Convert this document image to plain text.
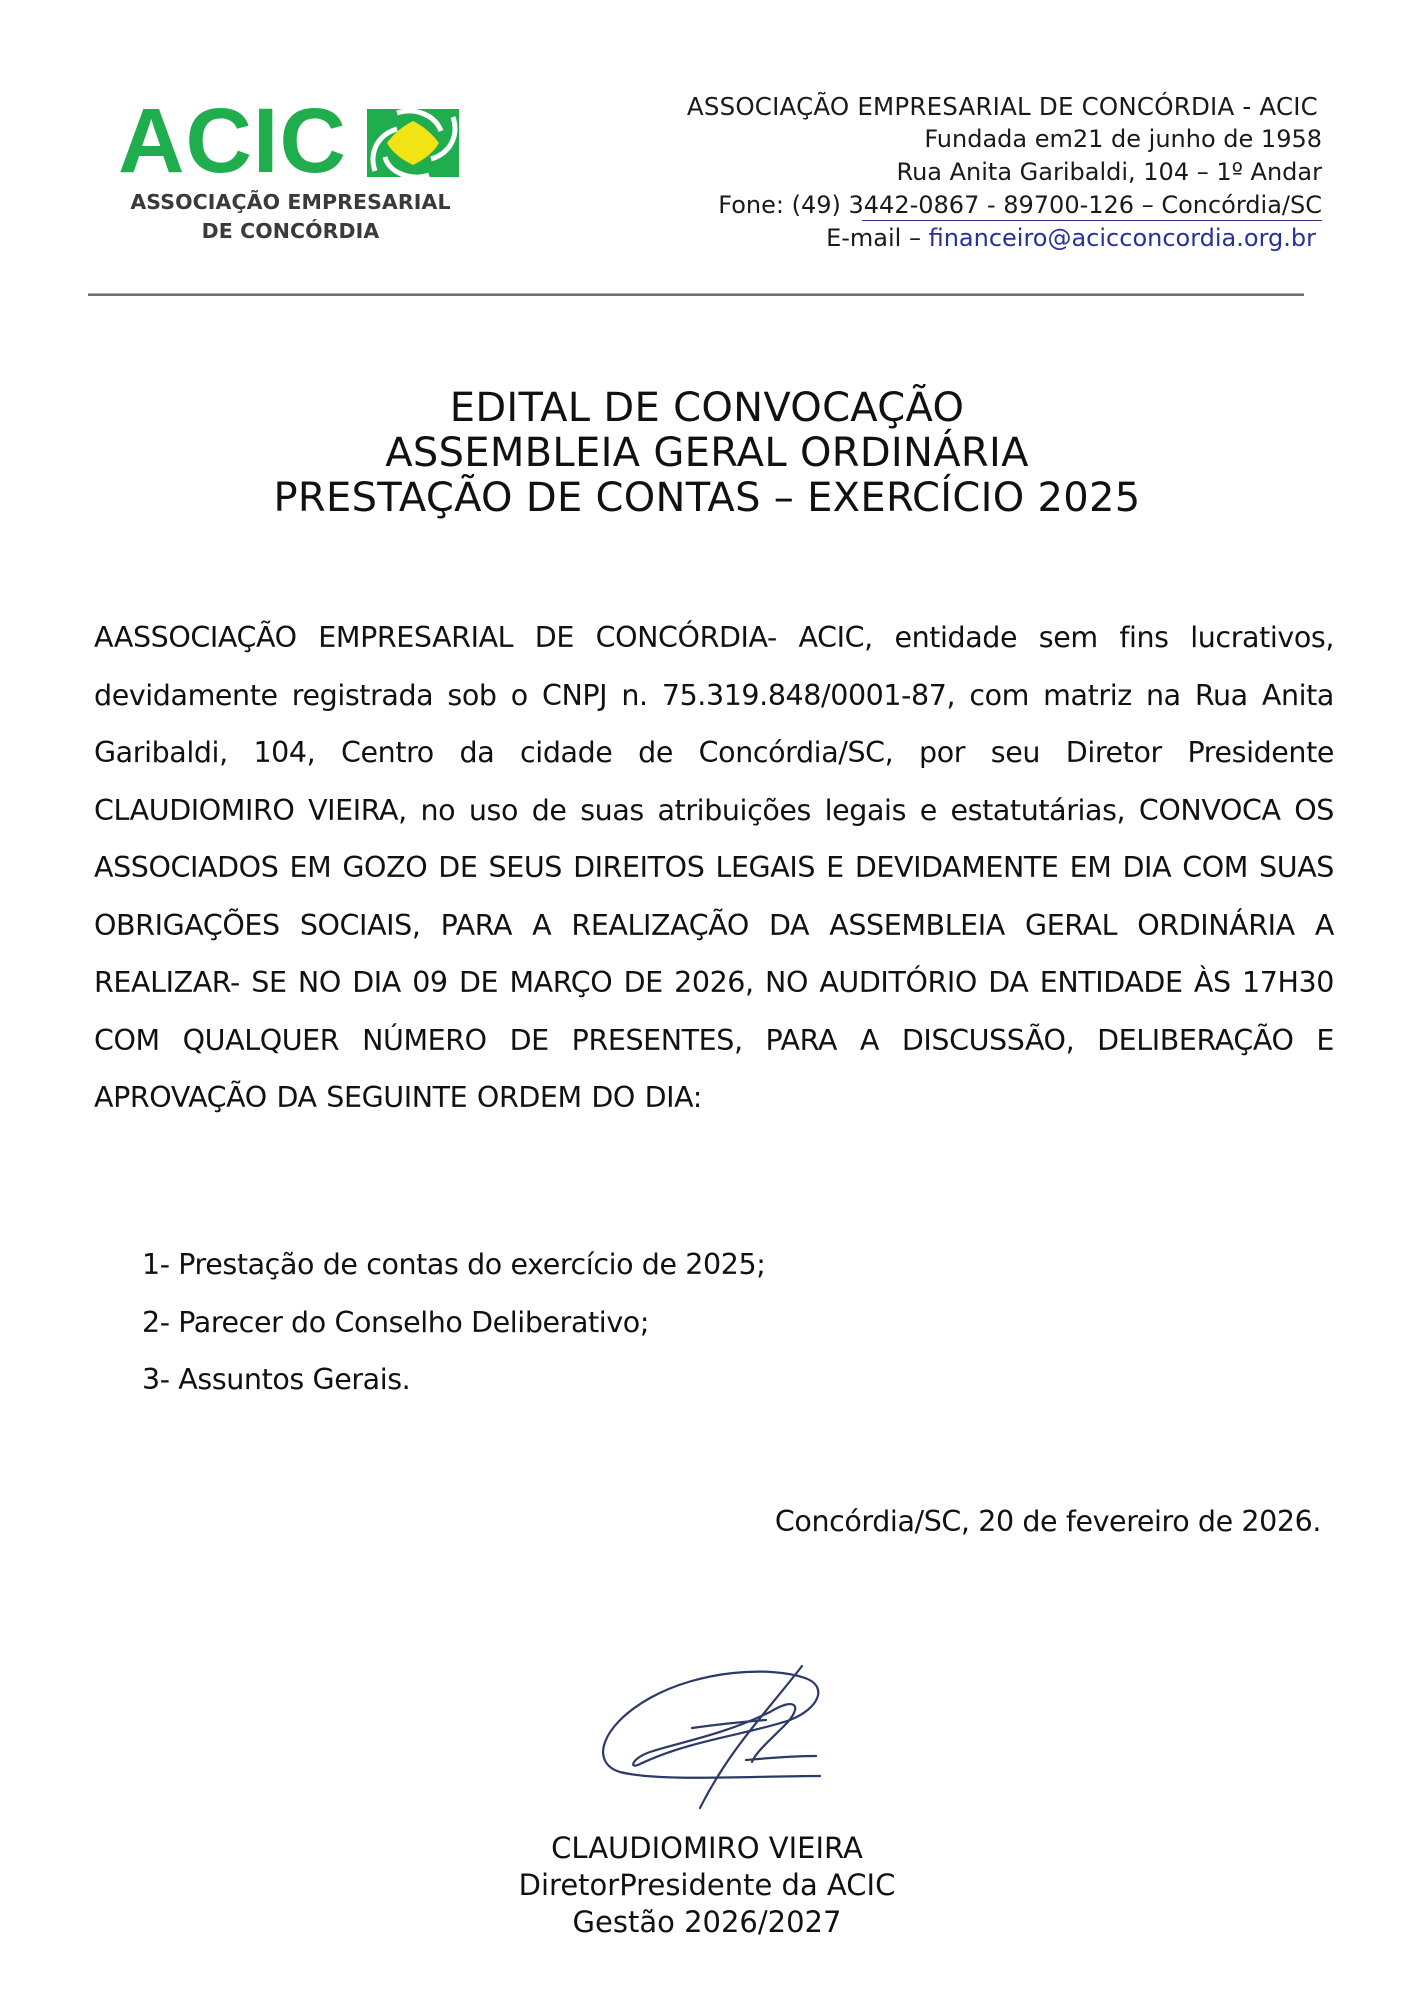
ACIC
ASSOCIAÇÃO EMPRESARIAL
DE CONCÓRDIA
ASSOCIAÇÃO EMPRESARIAL DE CONCÓRDIA - ACIC
Fundada em21 de junho de 1958
Rua Anita Garibaldi, 104 – 1º Andar
Fone: (49) 3442-0867 - 89700-126 – Concórdia/SC
E-mail – financeiro@acicconcordia.org.br
EDITAL DE CONVOCAÇÃO
ASSEMBLEIA GERAL ORDINÁRIA
PRESTAÇÃO DE CONTAS – EXERCÍCIO 2025

AASSOCIAÇÃO EMPRESARIAL DE CONCÓRDIA- ACIC, entidade sem fins lucrativos, devidamente registrada sob o CNPJ n. 75.319.848/0001-87, com matriz na Rua Anita Garibaldi, 104, Centro da cidade de Concórdia/SC, por seu Diretor Presidente CLAUDIOMIRO VIEIRA, no uso de suas atribuições legais e estatutárias, CONVOCA OS ASSOCIADOS EM GOZO DE SEUS DIREITOS LEGAIS E DEVIDAMENTE EM DIA COM SUAS OBRIGAÇÕES SOCIAIS, PARA A REALIZAÇÃO DA ASSEMBLEIA GERAL ORDINÁRIA A REALIZAR- SE NO DIA 09 DE MARÇO DE 2026, NO AUDITÓRIO DA ENTIDADE ÀS 17H30 COM QUALQUER NÚMERO DE PRESENTES, PARA A DISCUSSÃO, DELIBERAÇÃO E APROVAÇÃO DA SEGUINTE ORDEM DO DIA:

1- Prestação de contas do exercício de 2025;
2- Parecer do Conselho Deliberativo;
3- Assuntos Gerais.
Concórdia/SC, 20 de fevereiro de 2026.
CLAUDIOMIRO VIEIRA
DiretorPresidente da ACIC
Gestão 2026/2027
